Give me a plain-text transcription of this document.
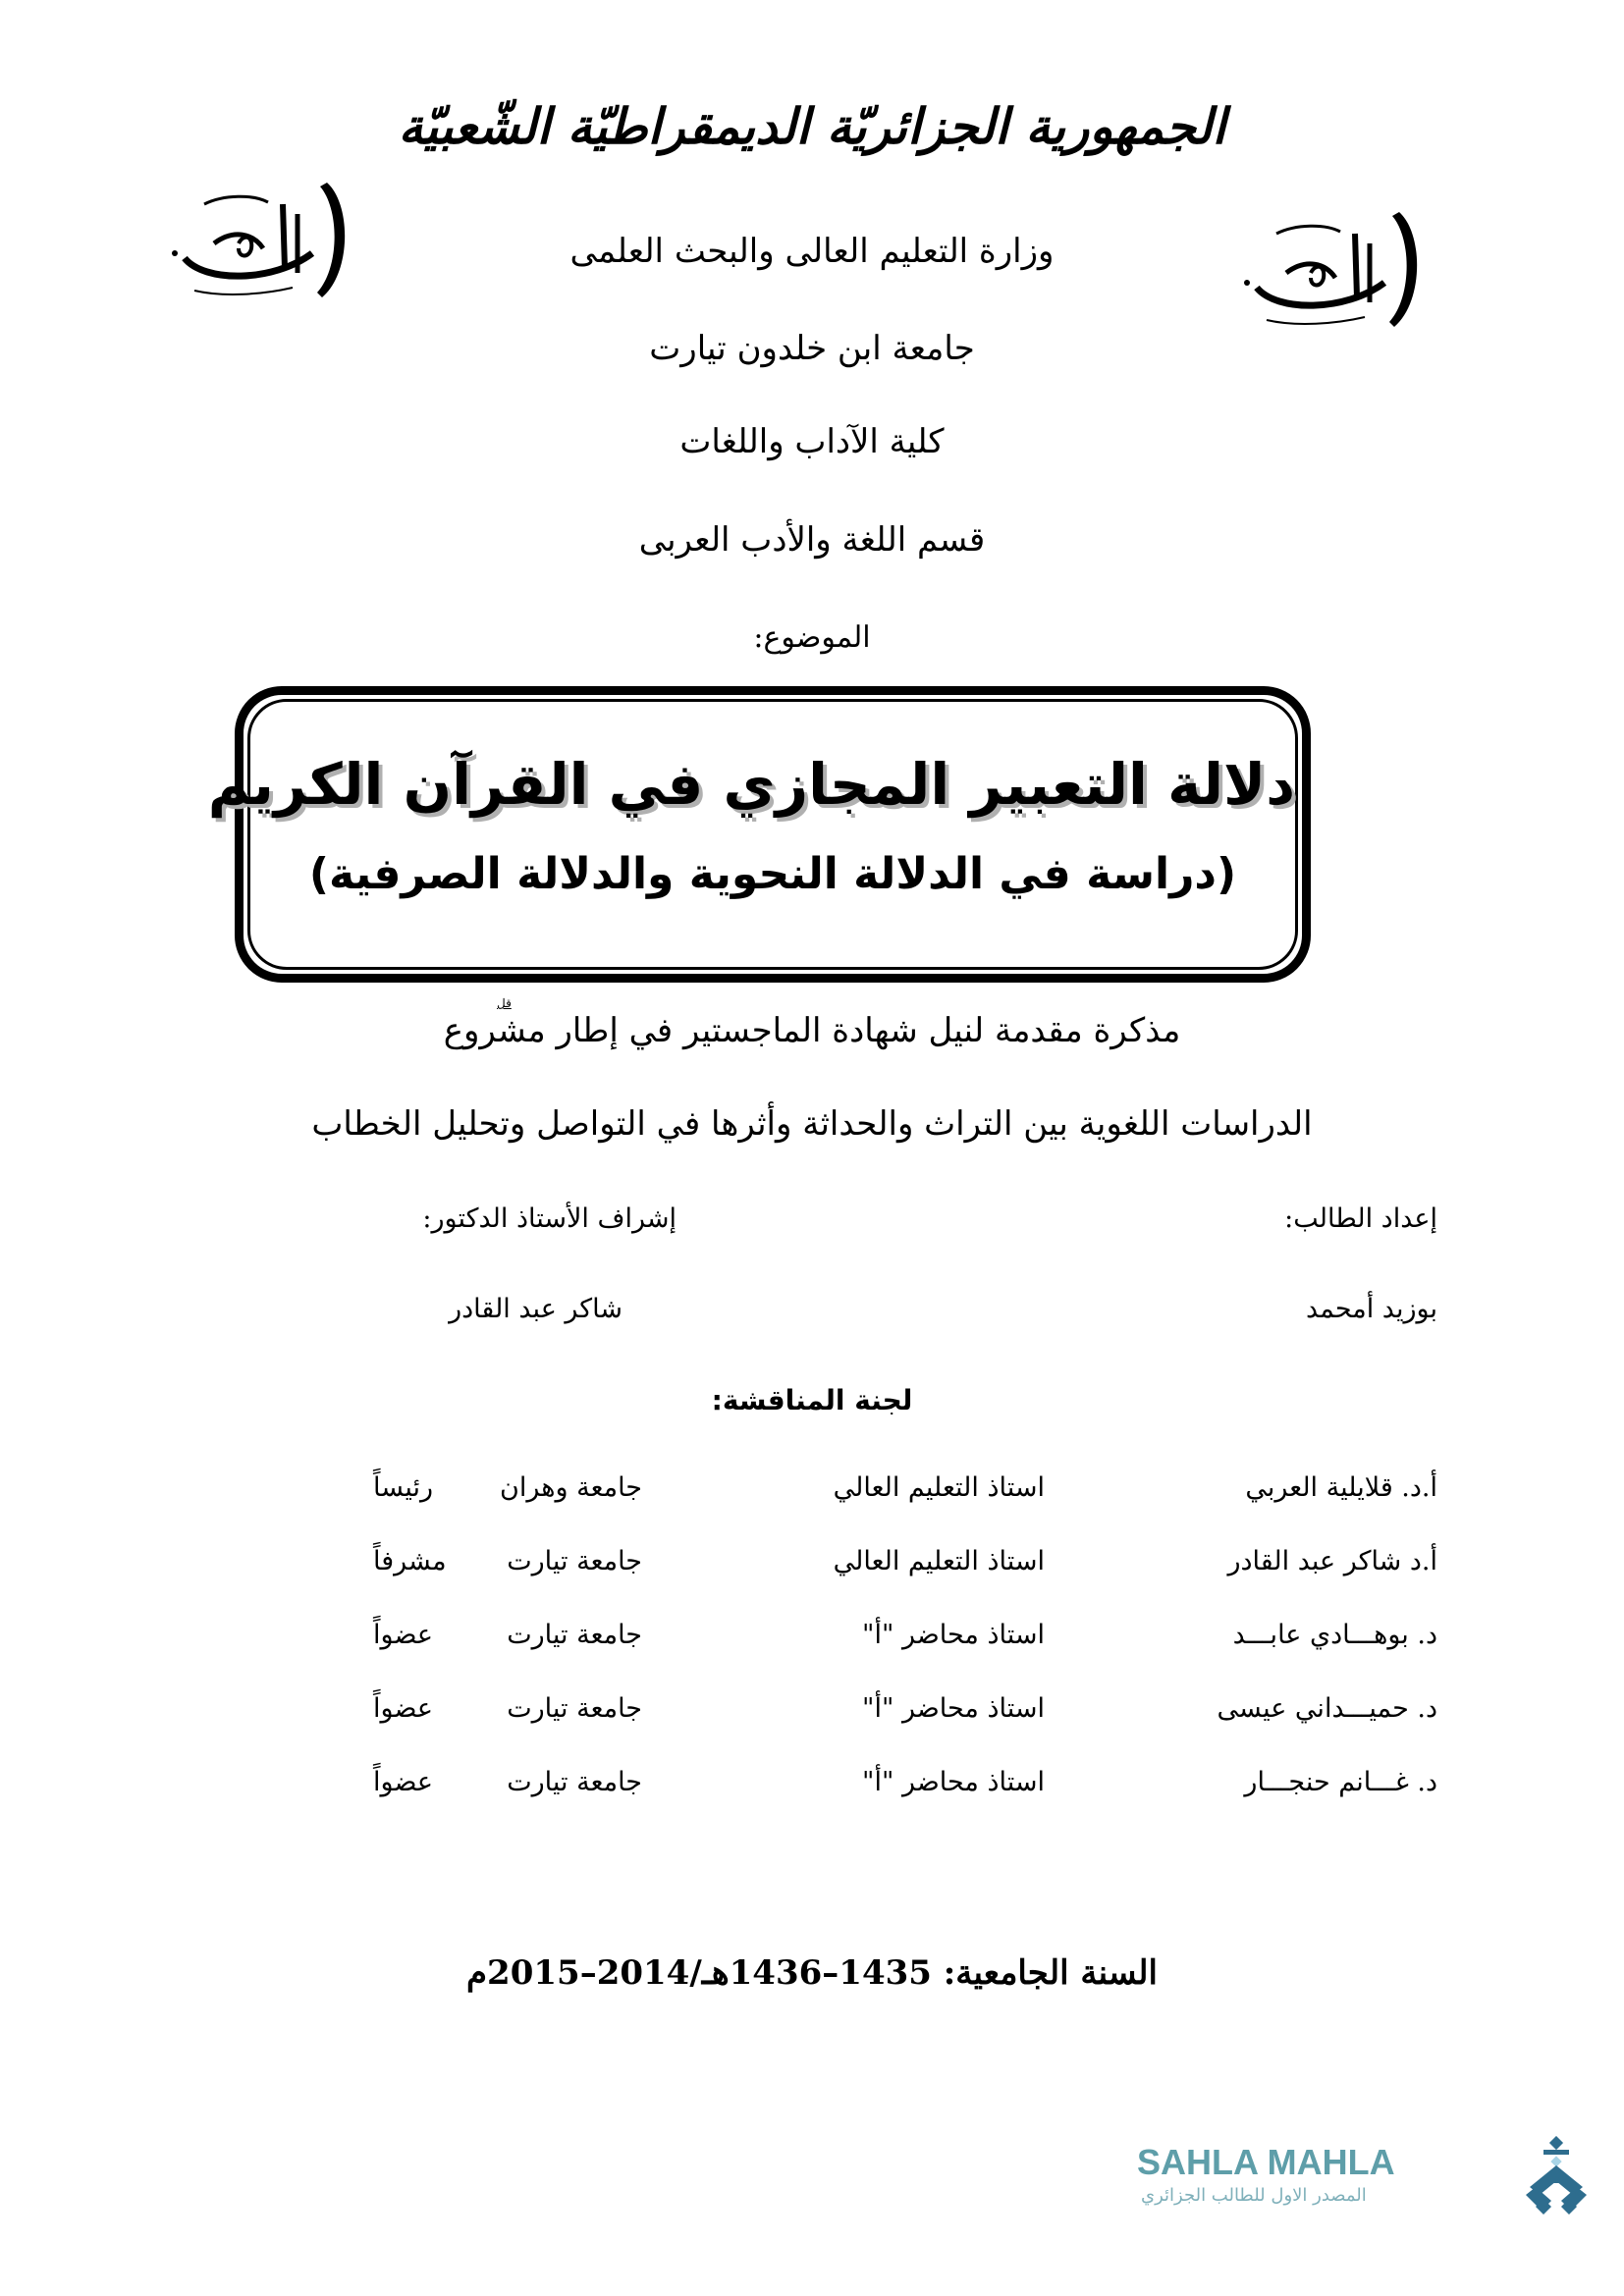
الجمهورية الجزائريّة الديمقراطيّة الشّعبيّة
وزارة التعليم العالى والبحث العلمى
جامعة ابن خلدون تيارت
كلية الآداب واللغات
قسم اللغة والأدب العربى
الموضوع:
دلالة التعبير المجازي في القرآن الكريم
(دراسة في الدلالة النحوية والدلالة الصرفية)
قل
مذكرة مقدمة لنيل شهادة الماجستير في إطار مشروع
الدراسات اللغوية بين التراث والحداثة وأثرها في التواصل وتحليل الخطاب
إعداد الطالب:
إشراف الأستاذ الدكتور:
بوزيد أمحمد
شاكر عبد القادر
لجنة المناقشة:
أ.د. قلايلية العربي
استاذ التعليم العالي
جامعة وهران
رئيساً
أ.د شاكر عبد القادر
استاذ التعليم العالي
جامعة تيارت
مشرفاً
د. بوهـــادي عابـــد
استاذ محاضر "أ"
جامعة تيارت
عضواً
د. حميـــداني عيسى
استاذ محاضر "أ"
جامعة تيارت
عضواً
د. غـــانم حنجـــار
استاذ محاضر "أ"
جامعة تيارت
عضواً
السنة الجامعية: 1435–1436هـ/2014–2015م
SAHLA MAHLA
المصدر الاول للطالب الجزائري
